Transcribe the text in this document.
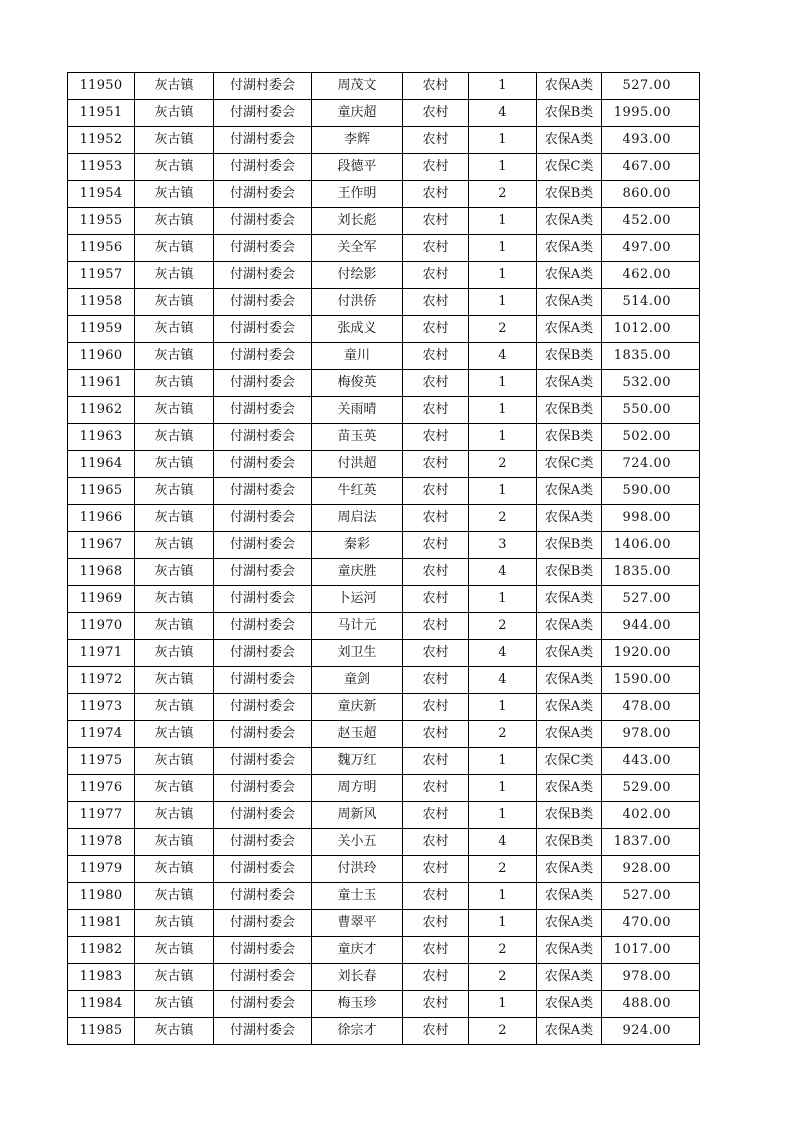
11950	灰古镇	付湖村委会	周茂文	农村	1	农保A类	527.00
11951	灰古镇	付湖村委会	童庆超	农村	4	农保B类	1995.00
11952	灰古镇	付湖村委会	李辉	农村	1	农保A类	493.00
11953	灰古镇	付湖村委会	段德平	农村	1	农保C类	467.00
11954	灰古镇	付湖村委会	王作明	农村	2	农保B类	860.00
11955	灰古镇	付湖村委会	刘长彪	农村	1	农保A类	452.00
11956	灰古镇	付湖村委会	关全军	农村	1	农保A类	497.00
11957	灰古镇	付湖村委会	付绘影	农村	1	农保A类	462.00
11958	灰古镇	付湖村委会	付洪侨	农村	1	农保A类	514.00
11959	灰古镇	付湖村委会	张成义	农村	2	农保A类	1012.00
11960	灰古镇	付湖村委会	童川	农村	4	农保B类	1835.00
11961	灰古镇	付湖村委会	梅俊英	农村	1	农保A类	532.00
11962	灰古镇	付湖村委会	关雨晴	农村	1	农保B类	550.00
11963	灰古镇	付湖村委会	苗玉英	农村	1	农保B类	502.00
11964	灰古镇	付湖村委会	付洪超	农村	2	农保C类	724.00
11965	灰古镇	付湖村委会	牛红英	农村	1	农保A类	590.00
11966	灰古镇	付湖村委会	周启法	农村	2	农保A类	998.00
11967	灰古镇	付湖村委会	秦彩	农村	3	农保B类	1406.00
11968	灰古镇	付湖村委会	童庆胜	农村	4	农保B类	1835.00
11969	灰古镇	付湖村委会	卜运河	农村	1	农保A类	527.00
11970	灰古镇	付湖村委会	马计元	农村	2	农保A类	944.00
11971	灰古镇	付湖村委会	刘卫生	农村	4	农保A类	1920.00
11972	灰古镇	付湖村委会	童剑	农村	4	农保A类	1590.00
11973	灰古镇	付湖村委会	童庆新	农村	1	农保A类	478.00
11974	灰古镇	付湖村委会	赵玉超	农村	2	农保A类	978.00
11975	灰古镇	付湖村委会	魏万红	农村	1	农保C类	443.00
11976	灰古镇	付湖村委会	周方明	农村	1	农保A类	529.00
11977	灰古镇	付湖村委会	周新风	农村	1	农保B类	402.00
11978	灰古镇	付湖村委会	关小五	农村	4	农保B类	1837.00
11979	灰古镇	付湖村委会	付洪玲	农村	2	农保A类	928.00
11980	灰古镇	付湖村委会	童士玉	农村	1	农保A类	527.00
11981	灰古镇	付湖村委会	曹翠平	农村	1	农保A类	470.00
11982	灰古镇	付湖村委会	童庆才	农村	2	农保A类	1017.00
11983	灰古镇	付湖村委会	刘长春	农村	2	农保A类	978.00
11984	灰古镇	付湖村委会	梅玉珍	农村	1	农保A类	488.00
11985	灰古镇	付湖村委会	徐宗才	农村	2	农保A类	924.00
